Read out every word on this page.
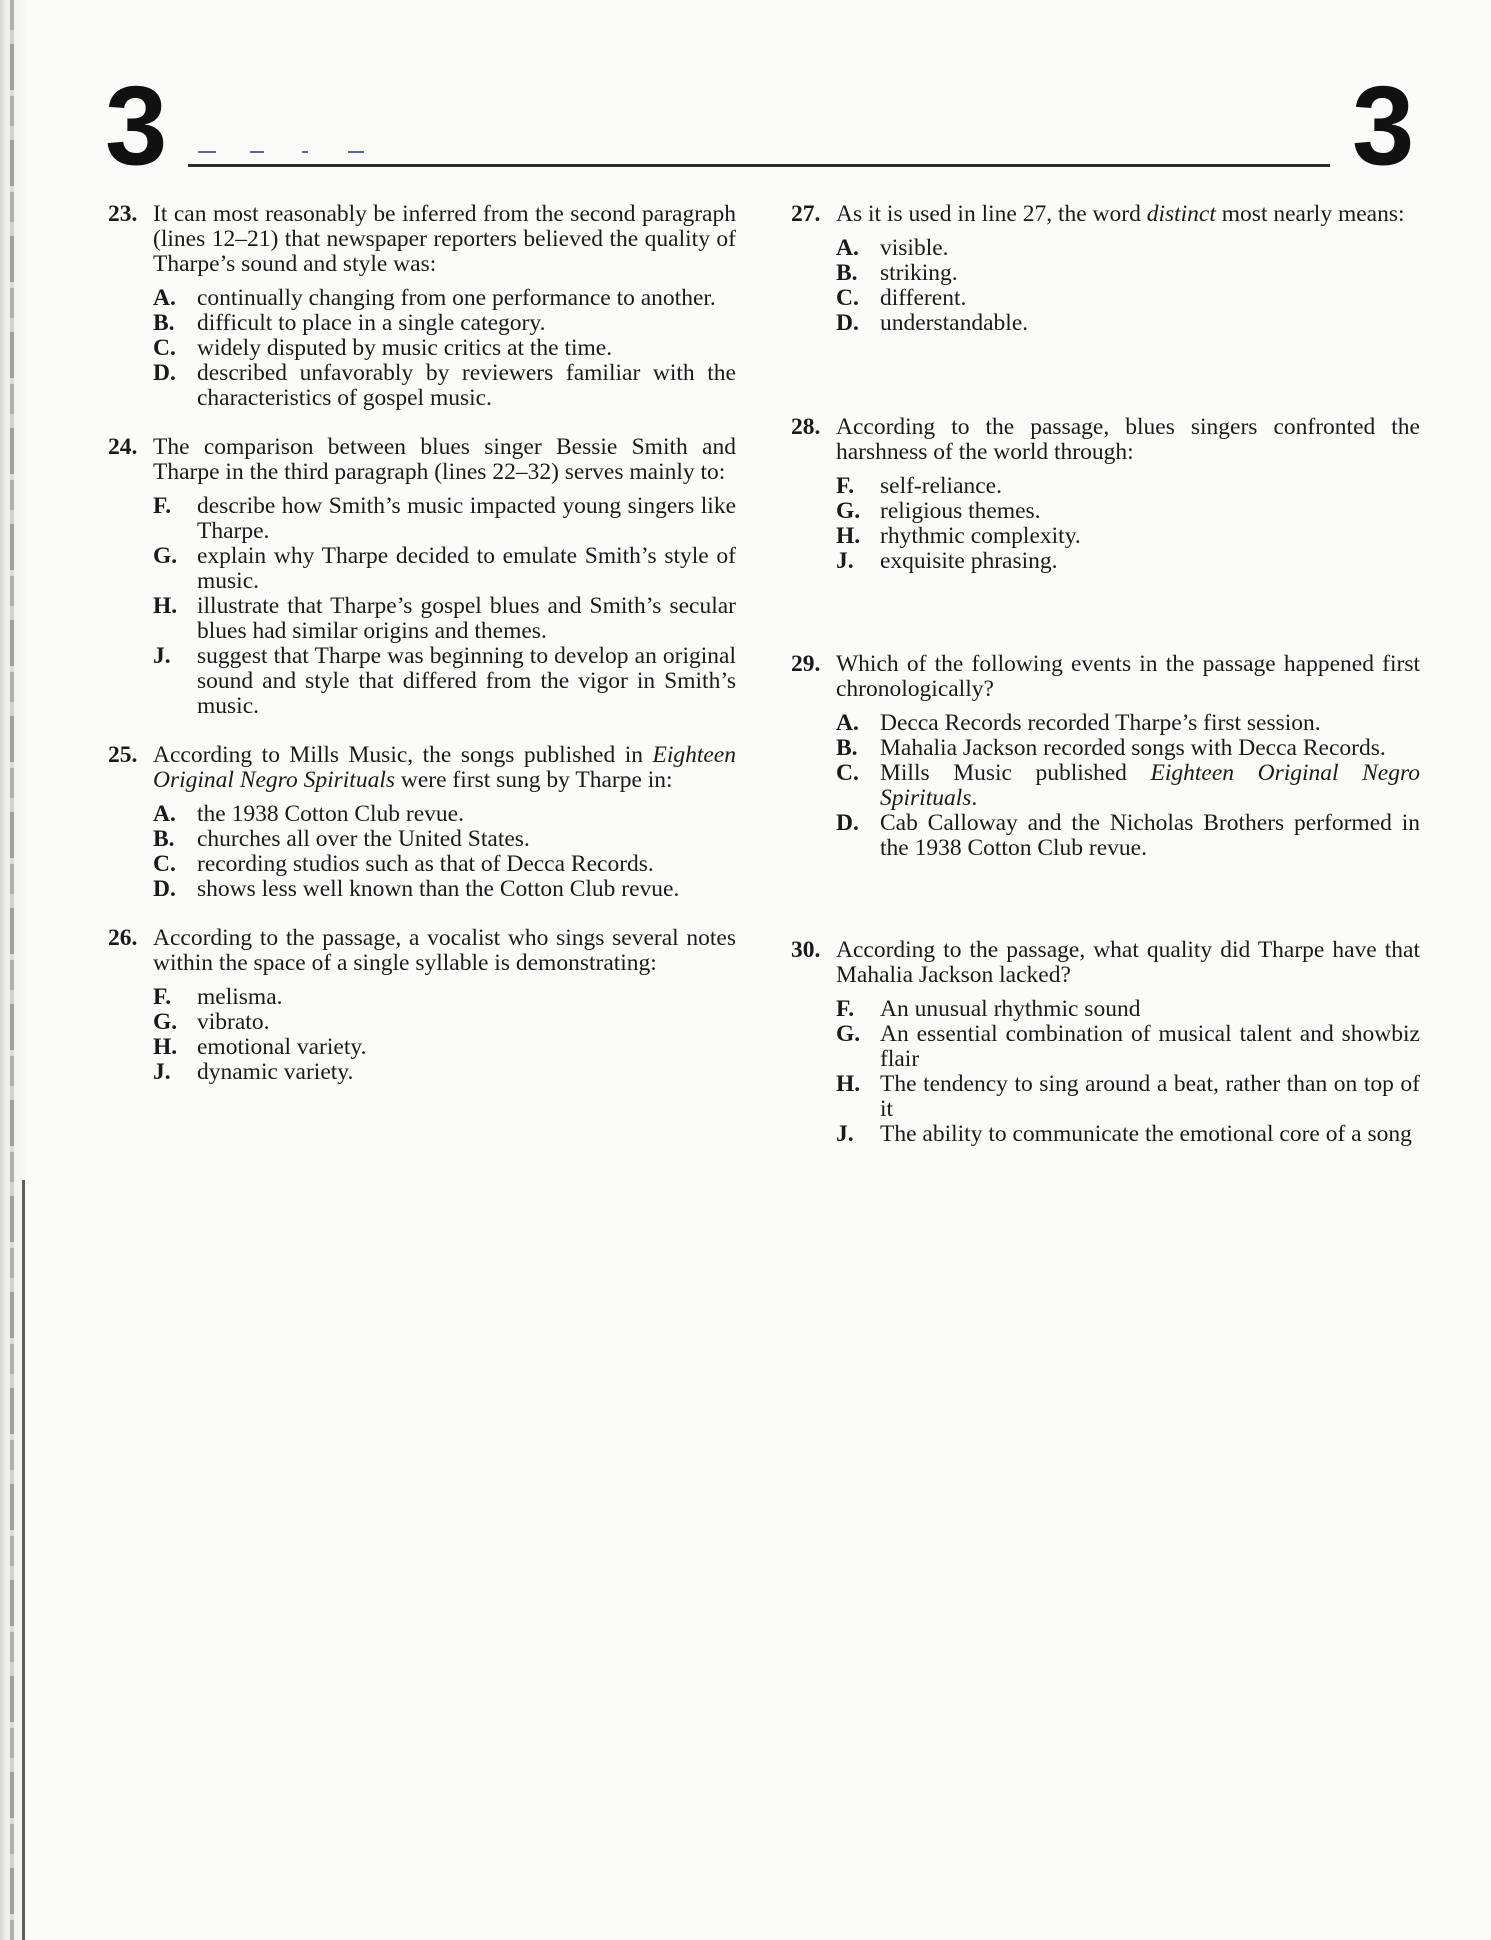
3	3
23. It can most reasonably be inferred from the second paragraph (lines 12–21) that newspaper reporters believed the quality of Tharpe’s sound and style was:
A. continually changing from one performance to another.
B. difficult to place in a single category.
C. widely disputed by music critics at the time.
D. described unfavorably by reviewers familiar with the characteristics of gospel music.
24. The comparison between blues singer Bessie Smith and Tharpe in the third paragraph (lines 22–32) serves mainly to:
F. describe how Smith’s music impacted young singers like Tharpe.
G. explain why Tharpe decided to emulate Smith’s style of music.
H. illustrate that Tharpe’s gospel blues and Smith’s secular blues had similar origins and themes.
J. suggest that Tharpe was beginning to develop an original sound and style that differed from the vigor in Smith’s music.
25. According to Mills Music, the songs published in Eighteen Original Negro Spirituals were first sung by Tharpe in:
A. the 1938 Cotton Club revue.
B. churches all over the United States.
C. recording studios such as that of Decca Records.
D. shows less well known than the Cotton Club revue.
26. According to the passage, a vocalist who sings several notes within the space of a single syllable is demonstrating:
F. melisma.
G. vibrato.
H. emotional variety.
J. dynamic variety.
27. As it is used in line 27, the word distinct most nearly means:
A. visible.
B. striking.
C. different.
D. understandable.
28. According to the passage, blues singers confronted the harshness of the world through:
F. self-reliance.
G. religious themes.
H. rhythmic complexity.
J. exquisite phrasing.
29. Which of the following events in the passage happened first chronologically?
A. Decca Records recorded Tharpe’s first session.
B. Mahalia Jackson recorded songs with Decca Records.
C. Mills Music published Eighteen Original Negro Spirituals.
D. Cab Calloway and the Nicholas Brothers performed in the 1938 Cotton Club revue.
30. According to the passage, what quality did Tharpe have that Mahalia Jackson lacked?
F. An unusual rhythmic sound
G. An essential combination of musical talent and showbiz flair
H. The tendency to sing around a beat, rather than on top of it
J. The ability to communicate the emotional core of a song
